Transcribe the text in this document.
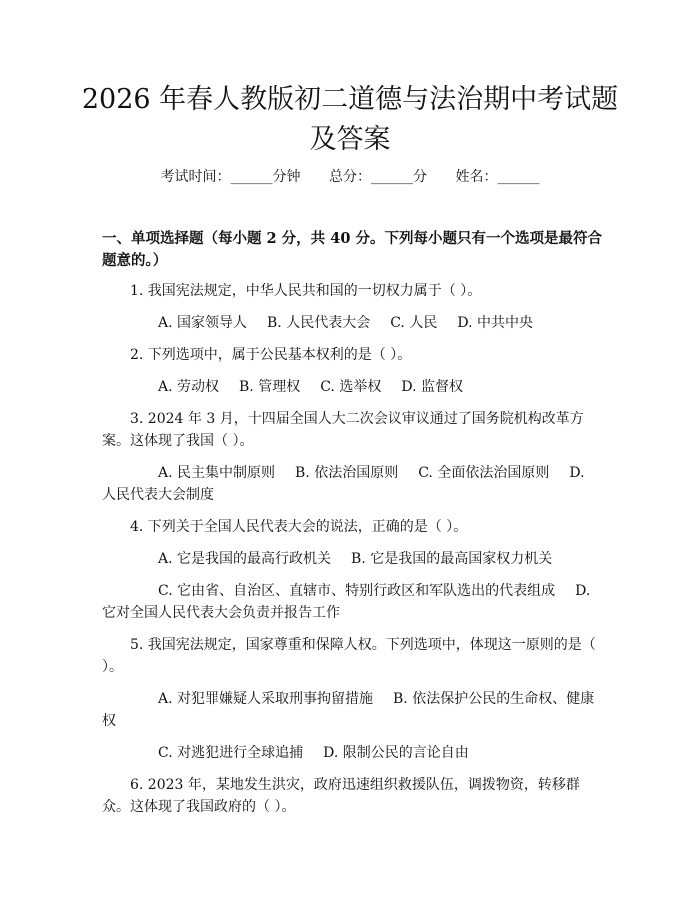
2026 年春人教版初二道德与法治期中考试题
及答案
考试时间：______分钟 总分：______分 姓名：______
一、单项选择题（每小题 2 分，共 40 分。下列每小题只有一个选项是最符合题意的。）

1. 我国宪法规定，中华人民共和国的一切权力属于（ ）。

A. 国家领导人 B. 人民代表大会 C. 人民 D. 中共中央

2. 下列选项中，属于公民基本权利的是（ ）。

A. 劳动权 B. 管理权 C. 选举权 D. 监督权

3. 2024 年 3 月，十四届全国人大二次会议审议通过了国务院机构改革方案。这体现了我国（ ）。

A. 民主集中制原则 B. 依法治国原则 C. 全面依法治国原则 D. 人民代表大会制度

4. 下列关于全国人民代表大会的说法，正确的是（ ）。

A. 它是我国的最高行政机关 B. 它是我国的最高国家权力机关

C. 它由省、自治区、直辖市、特别行政区和军队选出的代表组成 D. 它对全国人民代表大会负责并报告工作

5. 我国宪法规定，国家尊重和保障人权。下列选项中，体现这一原则的是（ ）。

A. 对犯罪嫌疑人采取刑事拘留措施 B. 依法保护公民的生命权、健康权

C. 对逃犯进行全球追捕 D. 限制公民的言论自由

6. 2023 年，某地发生洪灾，政府迅速组织救援队伍，调拨物资，转移群众。这体现了我国政府的（ ）。
